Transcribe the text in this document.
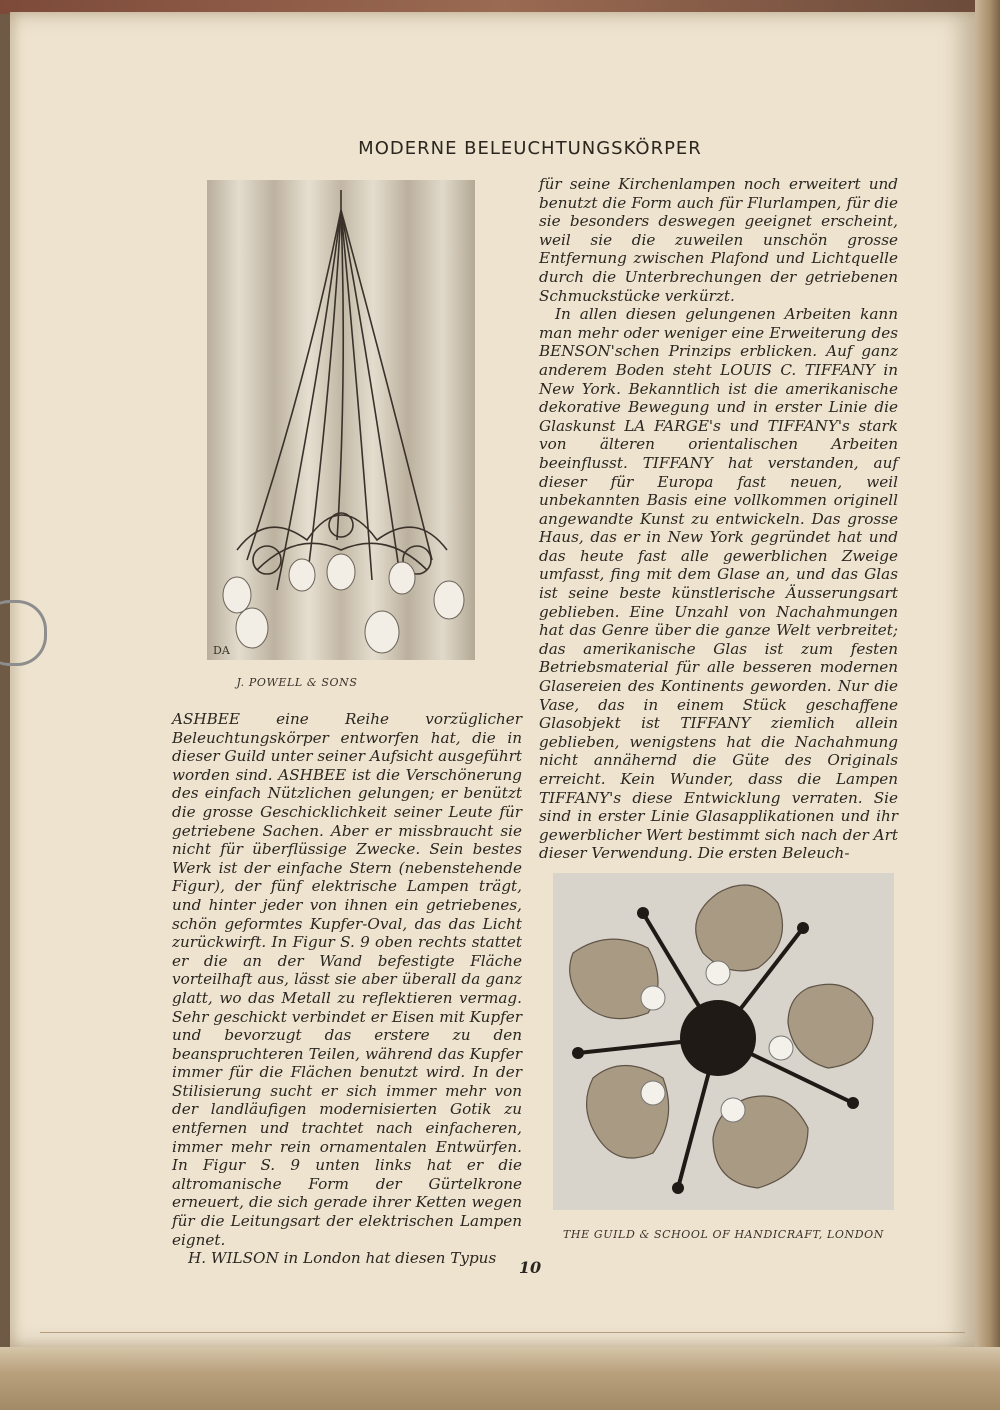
MODERNE BELEUCHTUNGSKÖRPER
DA
J. POWELL & SONS
THE GUILD & SCHOOL OF HANDICRAFT, LONDON

ASHBEE eine Reihe vorzüglicher Beleuchtungskörper entworfen hat, die in dieser Guild unter seiner Aufsicht ausgeführt worden sind. ASHBEE ist die Verschönerung des einfach Nützlichen gelungen; er benützt die grosse Geschicklichkeit seiner Leute für getriebene Sachen. Aber er missbraucht sie nicht für überflüssige Zwecke. Sein bestes Werk ist der einfache Stern (nebenstehende Figur), der fünf elektrische Lampen trägt, und hinter jeder von ihnen ein getriebenes, schön geformtes Kupfer-Oval, das das Licht zurückwirft. In Figur S. 9 oben rechts stattet er die an der Wand befestigte Fläche vorteilhaft aus, lässt sie aber überall da ganz glatt, wo das Metall zu reflektieren vermag. Sehr geschickt verbindet er Eisen mit Kupfer und bevorzugt das erstere zu den beanspruchteren Teilen, während das Kupfer immer für die Flächen benutzt wird. In der Stilisierung sucht er sich immer mehr von der landläufigen modernisierten Gotik zu entfernen und trachtet nach einfacheren, immer mehr rein ornamentalen Entwürfen. In Figur S. 9 unten links hat er die altromanische Form der Gürtelkrone erneuert, die sich gerade ihrer Ketten wegen für die Leitungsart der elektrischen Lampen eignet.

H. WILSON in London hat diesen Typus

für seine Kirchenlampen noch erweitert und benutzt die Form auch für Flurlampen, für die sie besonders deswegen geeignet erscheint, weil sie die zuweilen unschön grosse Entfernung zwischen Plafond und Lichtquelle durch die Unterbrechungen der getriebenen Schmuckstücke verkürzt.

In allen diesen gelungenen Arbeiten kann man mehr oder weniger eine Erweiterung des BENSON'schen Prinzips erblicken. Auf ganz anderem Boden steht LOUIS C. TIFFANY in New York. Bekanntlich ist die amerikanische dekorative Bewegung und in erster Linie die Glaskunst LA FARGE's und TIFFANY's stark von älteren orientalischen Arbeiten beeinflusst. TIFFANY hat verstanden, auf dieser für Europa fast neuen, weil unbekannten Basis eine vollkommen originell angewandte Kunst zu entwickeln. Das grosse Haus, das er in New York gegründet hat und das heute fast alle gewerblichen Zweige umfasst, fing mit dem Glase an, und das Glas ist seine beste künstlerische Äusserungsart geblieben. Eine Unzahl von Nachahmungen hat das Genre über die ganze Welt verbreitet; das amerikanische Glas ist zum festen Betriebsmaterial für alle besseren modernen Glasereien des Kontinents geworden. Nur die Vase, das in einem Stück geschaffene Glasobjekt ist TIFFANY ziemlich allein geblieben, wenigstens hat die Nachahmung nicht annähernd die Güte des Originals erreicht. Kein Wunder, dass die Lampen TIFFANY's diese Entwicklung verraten. Sie sind in erster Linie Glasapplikationen und ihr gewerblicher Wert bestimmt sich nach der Art dieser Verwendung. Die ersten Beleuch-

10
